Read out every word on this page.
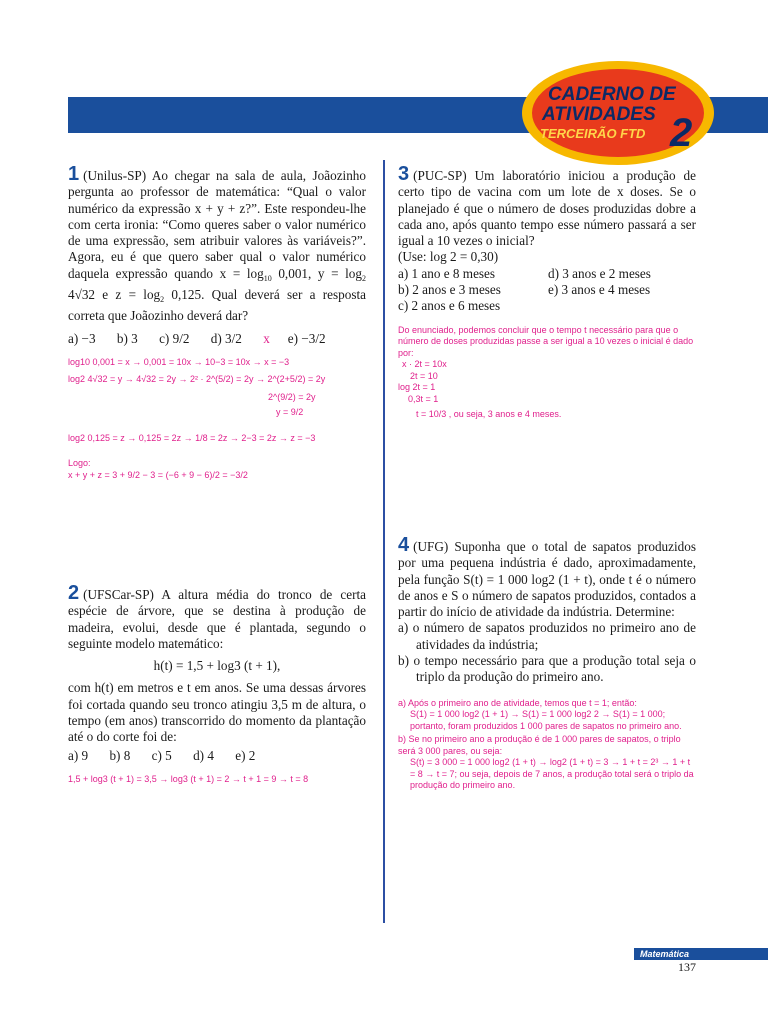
CADERNO DE
ATIVIDADES
TERCEIRÃO FTD 2
1 (Unilus-SP) Ao chegar na sala de aula, Joãozinho pergunta ao professor de matemática: “Qual o valor numérico da expressão x + y + z?”. Este respondeu-lhe com certa ironia: “Como queres saber o valor numérico de uma expressão, sem atribuir valores às variáveis?”. Agora, eu é que quero saber qual o valor numérico daquela expressão quando $x = \log_{10} 0,001$, $y = \log_2 4√32$ e $z = \log_2 0,125$. Qual deverá ser a resposta correta que Joãozinho deverá dar?
a) −3 b) 3 c) 9/2 d) 3/2 x e) −3/2
log10 0,001 = x → 0,001 = 10x → 10−3 = 10x → x = −3
log2 4√32 = y → 4√32 = 2y → 2² · 2^(5/2) = 2y → 2^(2+5/2) = 2y
2^(9/2) = 2y
y = 9/2
log2 0,125 = z → 0,125 = 2z → 1/8 = 2z → 2−3 = 2z → z = −3
Logo:
x + y + z = 3 + 9/2 − 3 = (−6 + 9 − 6)/2 = −3/2
2 (UFSCar-SP) A altura média do tronco de certa espécie de árvore, que se destina à produção de madeira, evolui, desde que é plantada, segundo o seguinte modelo matemático:
h(t) = 1,5 + log3 (t + 1),
com h(t) em metros e t em anos. Se uma dessas árvores foi cortada quando seu tronco atingiu 3,5 m de altura, o tempo (em anos) transcorrido do momento da plantação até o do corte foi de:
a) 9 b) 8 c) 5 d) 4 e) 2
1,5 + log3 (t + 1) = 3,5 → log3 (t + 1) = 2 → t + 1 = 9 → t = 8
3 (PUC-SP) Um laboratório iniciou a produção de certo tipo de vacina com um lote de x doses. Se o planejado é que o número de doses produzidas dobre a cada ano, após quanto tempo esse número passará a ser igual a 10 vezes o inicial?
(Use: log 2 = 0,30)
a) 1 ano e 8 meses	d) 3 anos e 2 meses
b) 2 anos e 3 meses	e) 3 anos e 4 meses
c) 2 anos e 6 meses
Do enunciado, podemos concluir que o tempo t necessário para que o número de doses produzidas passe a ser igual a 10 vezes o inicial é dado por:
x · 2t = 10x
2t = 10
log 2t = 1
0,3t = 1
t = 10/3 , ou seja, 3 anos e 4 meses.
4 (UFG) Suponha que o total de sapatos produzidos por uma pequena indústria é dado, aproximadamente, pela função S(t) = 1 000 log2 (1 + t), onde t é o número de anos e S o número de sapatos produzidos, contados a partir do início de atividade da indústria. Determine:
a) o número de sapatos produzidos no primeiro ano de atividades da indústria;
b) o tempo necessário para que a produção total seja o triplo da produção do primeiro ano.
a) Após o primeiro ano de atividade, temos que t = 1; então:
S(1) = 1 000 log2 (1 + 1) → S(1) = 1 000 log2 2 → S(1) = 1 000; portanto, foram produzidos 1 000 pares de sapatos no primeiro ano.
b) Se no primeiro ano a produção é de 1 000 pares de sapatos, o triplo será 3 000 pares, ou seja:
S(t) = 3 000 = 1 000 log2 (1 + t) → log2 (1 + t) = 3 → 1 + t = 2³ → 1 + t = 8 → t = 7; ou seja, depois de 7 anos, a produção total será o triplo da produção do primeiro ano.
Matemática
137
